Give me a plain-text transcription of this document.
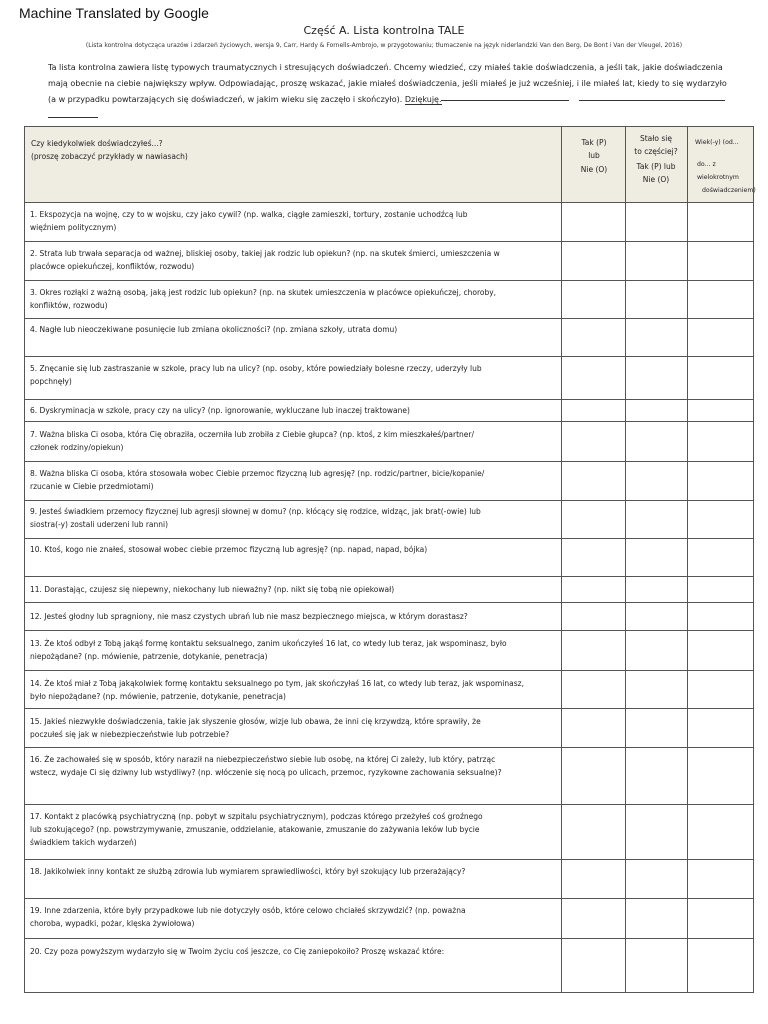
Machine Translated by Google
Część A. Lista kontrolna TALE
(Lista kontrolna dotycząca urazów i zdarzeń życiowych, wersja 9, Carr, Hardy & Fornells-Ambrojo, w przygotowaniu; tłumaczenie na język niderlandzki Van den Berg, De Bont i Van der Vleugel, 2016)
Ta lista kontrolna zawiera listę typowych traumatycznych i stresujących doświadczeń. Chcemy wiedzieć, czy miałeś takie doświadczenia, a jeśli tak, jakie doświadczenia
mają obecnie na ciebie największy wpływ. Odpowiadając, proszę wskazać, jakie miałeś doświadczenia, jeśli miałeś je już wcześniej, i ile miałeś lat, kiedy to się wydarzyło
(a w przypadku powtarzających się doświadczeń, w jakim wieku się zaczęło i skończyło). Dziękuję.
Czy kiedykolwiek doświadczyłeś...?
(proszę zobaczyć przykłady w nawiasach)
Tak (P)
lub
Nie (O)
Stało się
to częściej?
Tak (P) lub
Nie (O)
Wiek(-y) (od...
do... z
wielokrotnym
doświadczeniem)
1. Ekspozycja na wojnę, czy to w wojsku, czy jako cywil? (np. walka, ciągłe zamieszki, tortury, zostanie uchodźcą lub
więźniem politycznym)
2. Strata lub trwała separacja od ważnej, bliskiej osoby, takiej jak rodzic lub opiekun? (np. na skutek śmierci, umieszczenia w
placówce opiekuńczej, konfliktów, rozwodu)
3. Okres rozłąki z ważną osobą, jaką jest rodzic lub opiekun? (np. na skutek umieszczenia w placówce opiekuńczej, choroby,
konfliktów, rozwodu)
4. Nagłe lub nieoczekiwane posunięcie lub zmiana okoliczności? (np. zmiana szkoły, utrata domu)
5. Znęcanie się lub zastraszanie w szkole, pracy lub na ulicy? (np. osoby, które powiedziały bolesne rzeczy, uderzyły lub
popchnęły)
6. Dyskryminacja w szkole, pracy czy na ulicy? (np. ignorowanie, wykluczane lub inaczej traktowane)
7. Ważna bliska Ci osoba, która Cię obraziła, oczerniła lub zrobiła z Ciebie głupca? (np. ktoś, z kim mieszkałeś/partner/
członek rodziny/opiekun)
8. Ważna bliska Ci osoba, która stosowała wobec Ciebie przemoc fizyczną lub agresję? (np. rodzic/partner, bicie/kopanie/
rzucanie w Ciebie przedmiotami)
9. Jesteś świadkiem przemocy fizycznej lub agresji słownej w domu? (np. kłócący się rodzice, widząc, jak brat(-owie) lub
siostra(-y) zostali uderzeni lub ranni)
10. Ktoś, kogo nie znałeś, stosował wobec ciebie przemoc fizyczną lub agresję? (np. napad, napad, bójka)
11. Dorastając, czujesz się niepewny, niekochany lub nieważny? (np. nikt się tobą nie opiekował)
12. Jesteś głodny lub spragniony, nie masz czystych ubrań lub nie masz bezpiecznego miejsca, w którym dorastasz?
13. Że ktoś odbył z Tobą jakąś formę kontaktu seksualnego, zanim ukończyłeś 16 lat, co wtedy lub teraz, jak wspominasz, było
niepożądane? (np. mówienie, patrzenie, dotykanie, penetracja)
14. Że ktoś miał z Tobą jakąkolwiek formę kontaktu seksualnego po tym, jak skończyłaś 16 lat, co wtedy lub teraz, jak wspominasz,
było niepożądane? (np. mówienie, patrzenie, dotykanie, penetracja)
15. Jakieś niezwykłe doświadczenia, takie jak słyszenie głosów, wizje lub obawa, że inni cię krzywdzą, które sprawiły, że
poczułeś się jak w niebezpieczeństwie lub potrzebie?
16. Że zachowałeś się w sposób, który naraził na niebezpieczeństwo siebie lub osobę, na której Ci zależy, lub który, patrząc
wstecz, wydaje Ci się dziwny lub wstydliwy? (np. włóczenie się nocą po ulicach, przemoc, ryzykowne zachowania seksualne)?
17. Kontakt z placówką psychiatryczną (np. pobyt w szpitalu psychiatrycznym), podczas którego przeżyłeś coś groźnego
lub szokującego? (np. powstrzymywanie, zmuszanie, oddzielanie, atakowanie, zmuszanie do zażywania leków lub bycie
świadkiem takich wydarzeń)
18. Jakikolwiek inny kontakt ze służbą zdrowia lub wymiarem sprawiedliwości, który był szokujący lub przerażający?
19. Inne zdarzenia, które były przypadkowe lub nie dotyczyły osób, które celowo chciałeś skrzywdzić? (np. poważna
choroba, wypadki, pożar, klęska żywiołowa)
20. Czy poza powyższym wydarzyło się w Twoim życiu coś jeszcze, co Cię zaniepokoiło? Proszę wskazać które:
